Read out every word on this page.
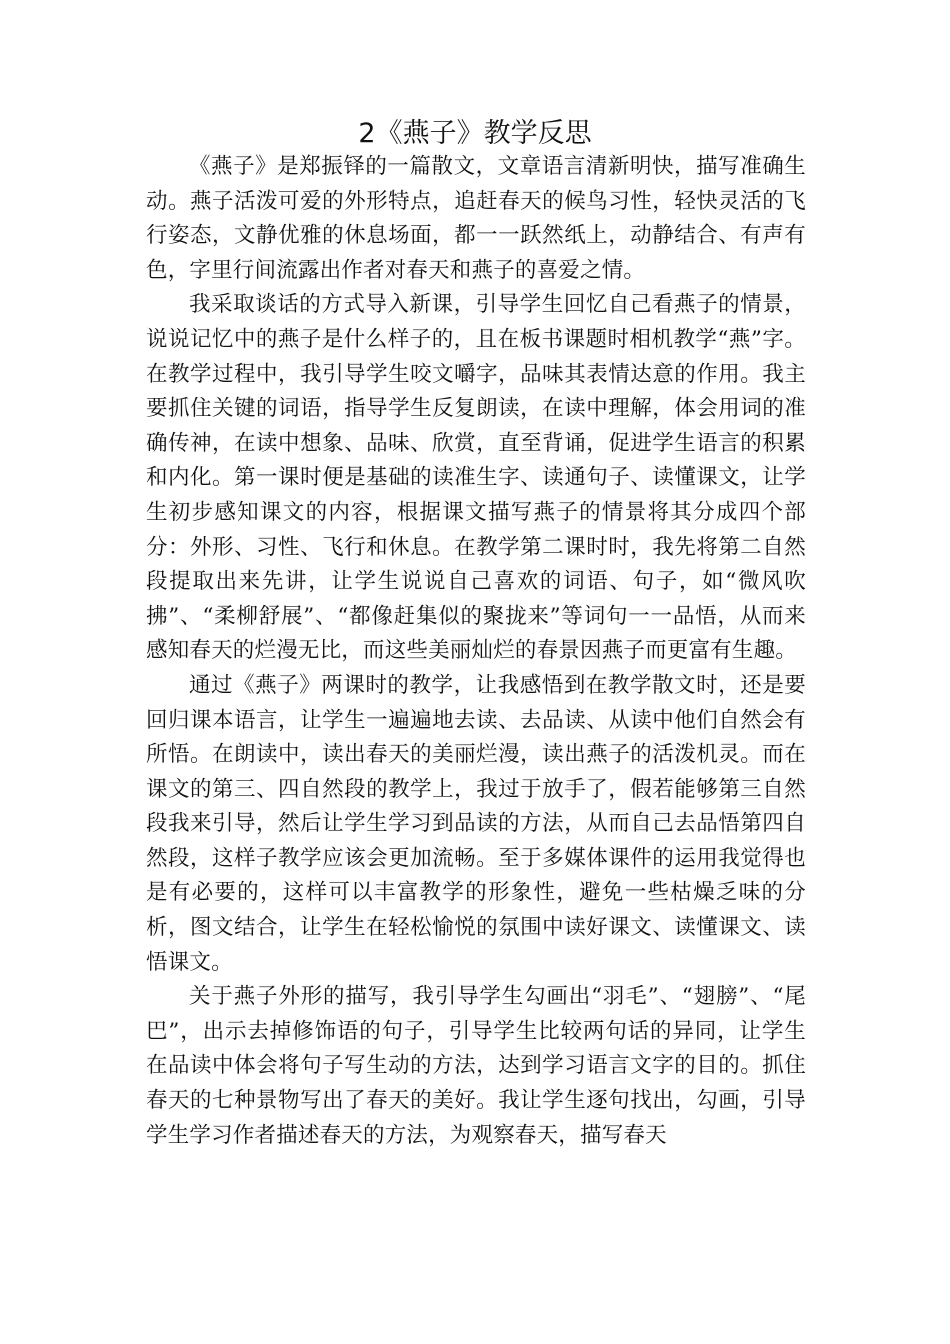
2《燕子》教学反思

《燕子》是郑振铎的一篇散文，文章语言清新明快，描写准确生动。燕子活泼可爱的外形特点，追赶春天的候鸟习性，轻快灵活的飞行姿态，文静优雅的休息场面，都一一跃然纸上，动静结合、有声有色，字里行间流露出作者对春天和燕子的喜爱之情。

我采取谈话的方式导入新课，引导学生回忆自己看燕子的情景，说说记忆中的燕子是什么样子的，且在板书课题时相机教学“燕”字。在教学过程中，我引导学生咬文嚼字，品味其表情达意的作用。我主要抓住关键的词语，指导学生反复朗读，在读中理解，体会用词的准确传神，在读中想象、品味、欣赏，直至背诵，促进学生语言的积累和内化。第一课时便是基础的读准生字、读通句子、读懂课文，让学生初步感知课文的内容，根据课文描写燕子的情景将其分成四个部分：外形、习性、飞行和休息。在教学第二课时时，我先将第二自然段提取出来先讲，让学生说说自己喜欢的词语、句子，如“微风吹拂”、“柔柳舒展”、“都像赶集似的聚拢来”等词句一一品悟，从而来感知春天的烂漫无比，而这些美丽灿烂的春景因燕子而更富有生趣。

通过《燕子》两课时的教学，让我感悟到在教学散文时，还是要回归课本语言，让学生一遍遍地去读、去品读、从读中他们自然会有所悟。在朗读中，读出春天的美丽烂漫，读出燕子的活泼机灵。而在课文的第三、四自然段的教学上，我过于放手了，假若能够第三自然段我来引导，然后让学生学习到品读的方法，从而自己去品悟第四自然段，这样子教学应该会更加流畅。至于多媒体课件的运用我觉得也是有必要的，这样可以丰富教学的形象性，避免一些枯燥乏味的分析，图文结合，让学生在轻松愉悦的氛围中读好课文、读懂课文、读悟课文。

关于燕子外形的描写，我引导学生勾画出“羽毛”、“翅膀”、“尾巴”，出示去掉修饰语的句子，引导学生比较两句话的异同，让学生在品读中体会将句子写生动的方法，达到学习语言文字的目的。抓住春天的七种景物写出了春天的美好。我让学生逐句找出，勾画，引导学生学习作者描述春天的方法，为观察春天，描写春天
